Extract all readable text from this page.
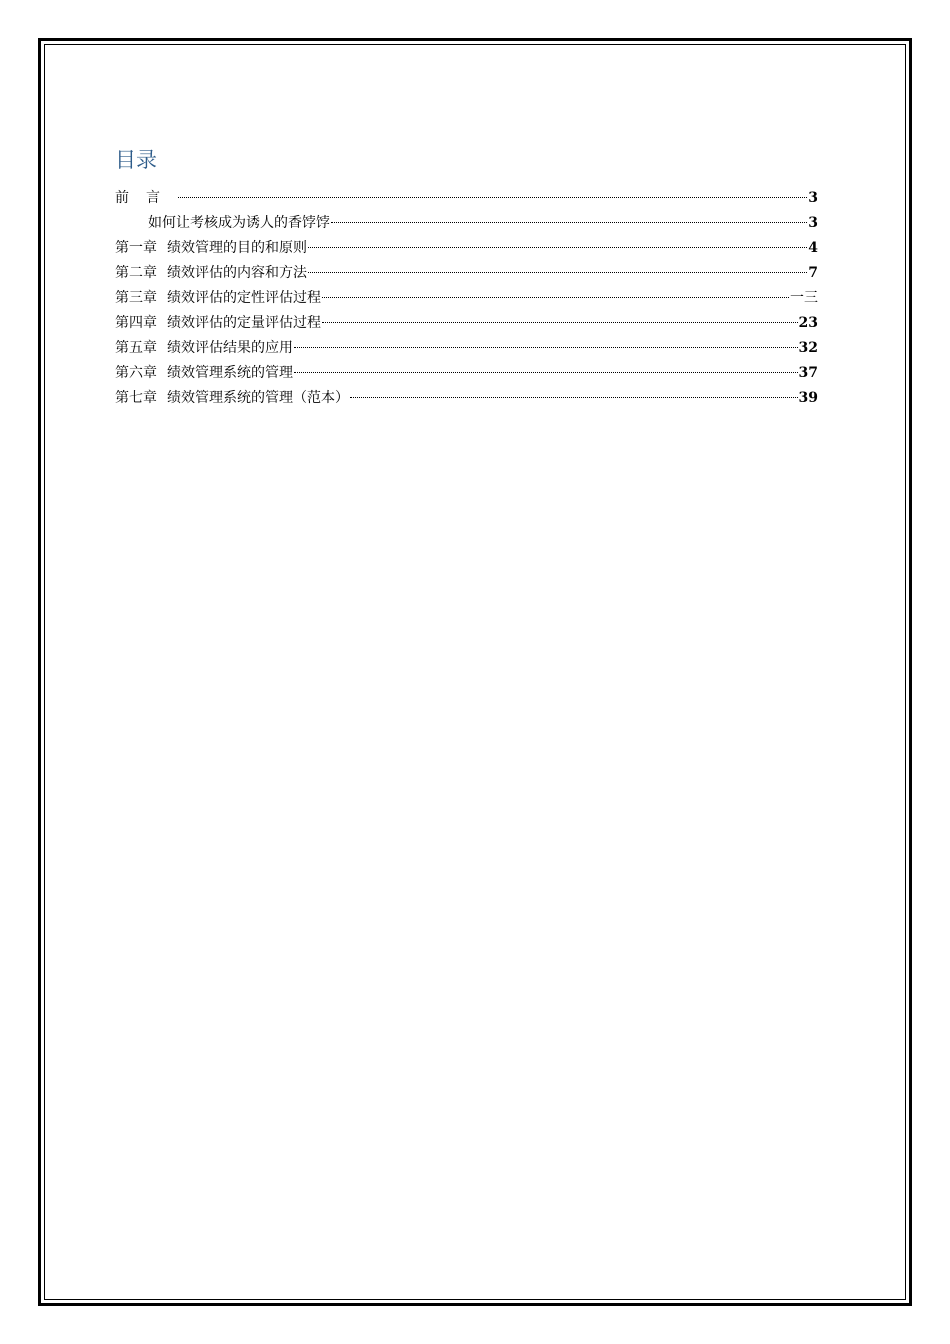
目录
前言	3
如何让考核成为诱人的香饽饽	3
第一章 绩效管理的目的和原则	4
第二章 绩效评估的内容和方法	7
第三章 绩效评估的定性评估过程	一三
第四章 绩效评估的定量评估过程	23
第五章 绩效评估结果的应用	32
第六章 绩效管理系统的管理	37
第七章 绩效管理系统的管理（范本）	39
